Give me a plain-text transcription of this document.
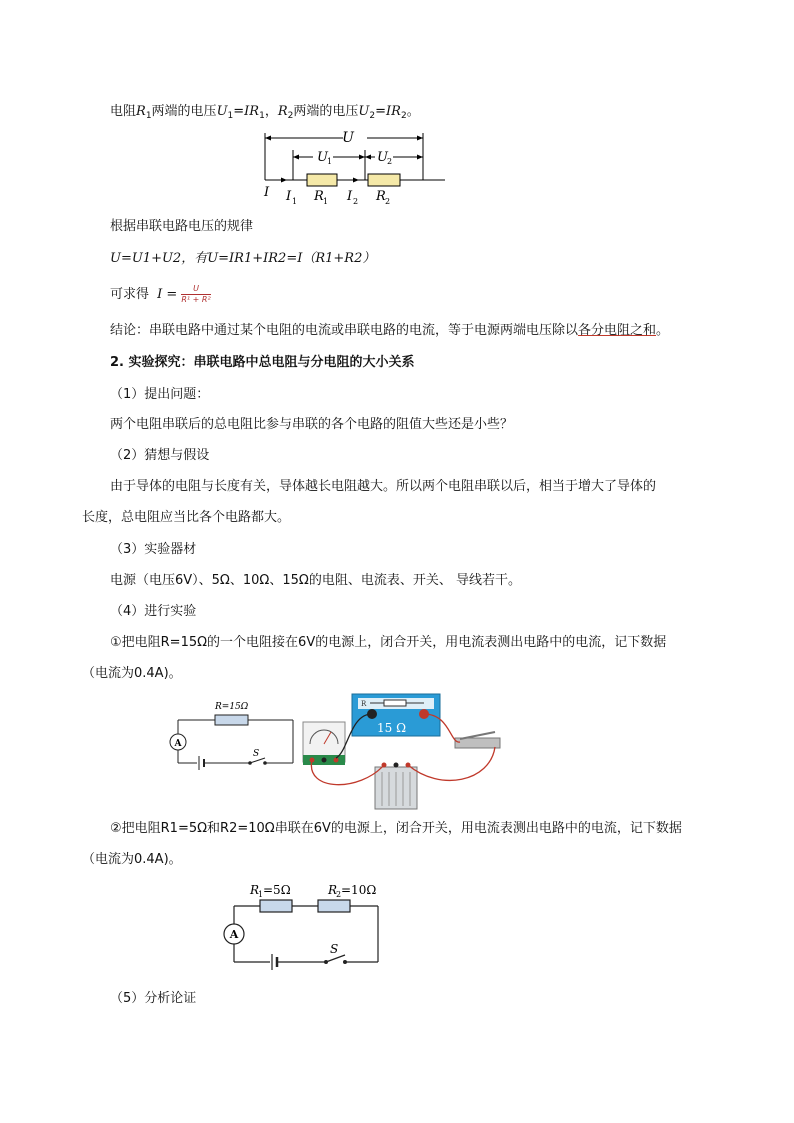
电阻$R_1$两端的电压$U_1=IR_1$，$R_2$两端的电压$U_2=IR_2$。
U
U 1	U 2
I I 1 R 1 I 2 R 2
根据串联电路电压的规律
U=U1+U2，有U=IR1+IR2=I（R1+R2）
可求得 $I = \frac{U}{\text{R¹ + R²}}$
结论：串联电路中通过某个电阻的电流或串联电路的电流，等于电源两端电压除以各分电阻之和。
2. 实验探究：串联电路中总电阻与分电阻的大小关系
（1）提出问题：
两个电阻串联后的总电阻比参与串联的各个电路的阻值大些还是小些？
（2）猜想与假设
由于导体的电阻与长度有关，导体越长电阻越大。所以两个电阻串联以后，相当于增大了导体的
长度，总电阻应当比各个电路都大。
（3）实验器材
电源（电压6V）、5Ω、10Ω、15Ω的电阻、电流表、开关、 导线若干。
（4）进行实验
①把电阻R=15Ω的一个电阻接在6V的电源上，闭合开关，用电流表测出电路中的电流，记下数据
（电流为0.4A)。
A
R=15Ω
S
R
15 Ω
②把电阻R1=5Ω和R2=10Ω串联在6V的电源上，闭合开关，用电流表测出电路中的电流，记下数据
（电流为0.4A)。
A
R
1 =5Ω	R
2 =10Ω
S
（5）分析论证
